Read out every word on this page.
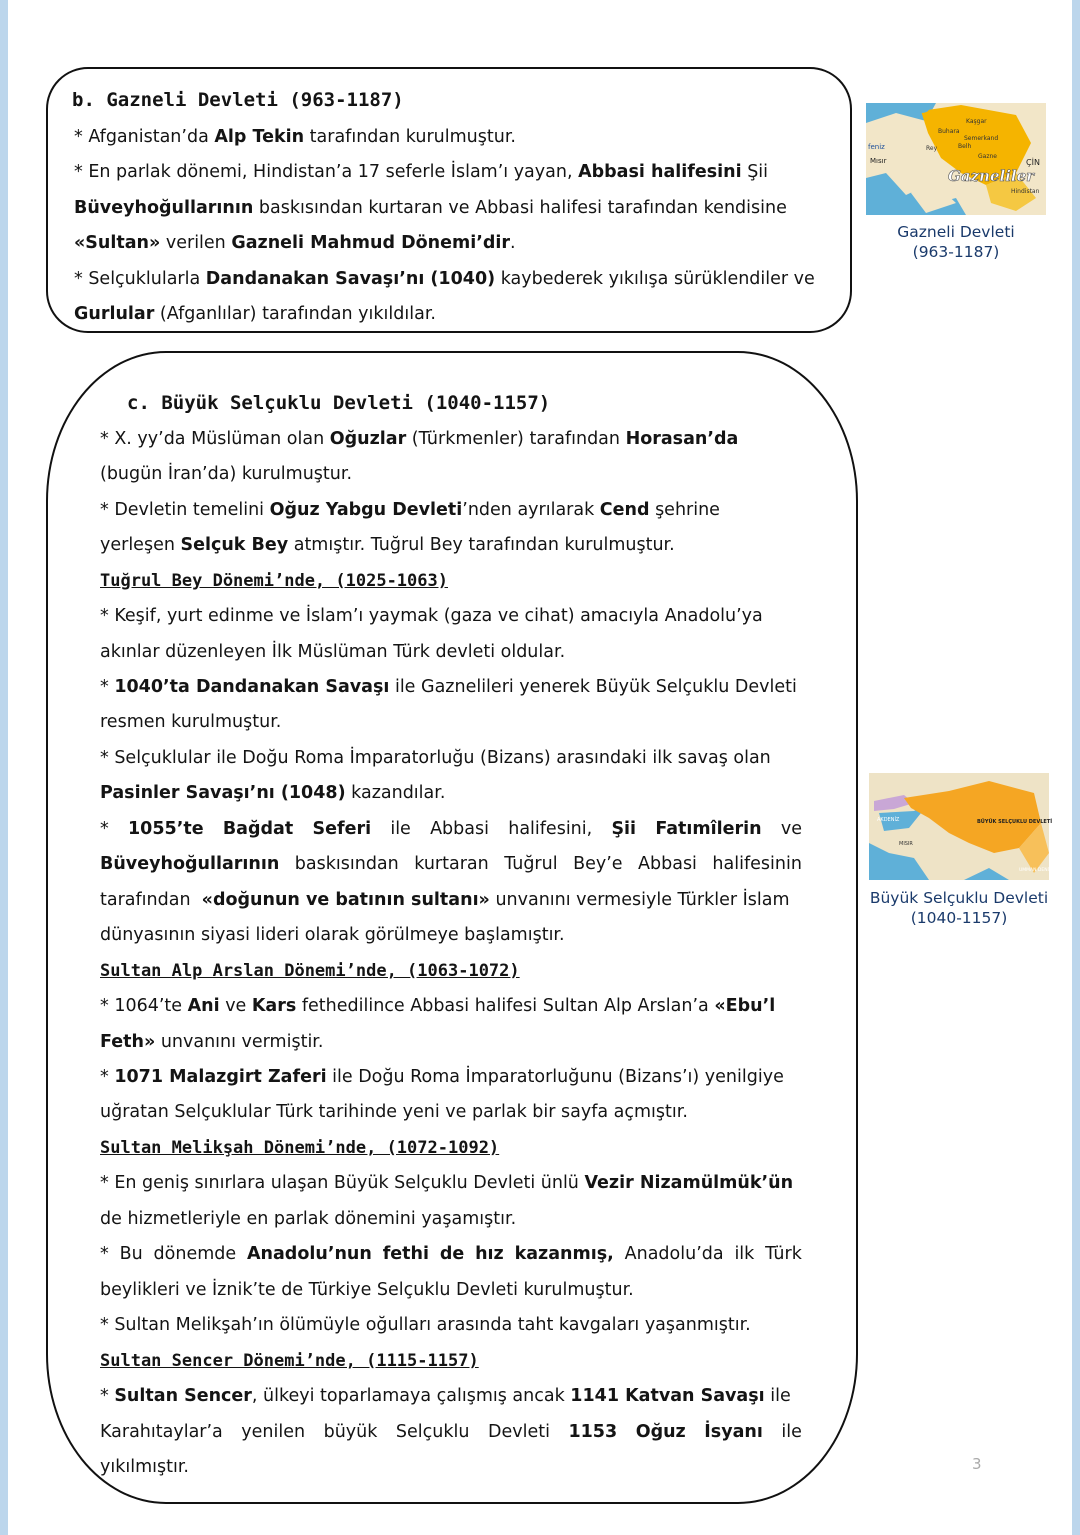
b. Gazneli Devleti (963-1187)
* Afganistan’da Alp Tekin tarafından kurulmuştur.
* En parlak dönemi, Hindistan’a 17 seferle İslam’ı yayan, Abbasi halifesini Şii
Büveyhoğullarının baskısından kurtaran ve Abbasi halifesi tarafından kendisine
«Sultan» verilen Gazneli Mahmud Dönemi’dir.
* Selçuklularla Dandanakan Savaşı’nı (1040) kaybederek yıkılışa sürüklendiler ve
Gurlular (Afganlılar) tarafından yıkıldılar.
Kaşgar
Buhara
Semerkand
Belh
Rey
Gazne
Mısır
Hindistan
ÇİN
feniz
Gazneliler
Gazneli Devleti
(963-1187)
c. Büyük Selçuklu Devleti (1040-1157)
* X. yy’da Müslüman olan Oğuzlar (Türkmenler) tarafından Horasan’da
(bugün İran’da) kurulmuştur.
* Devletin temelini Oğuz Yabgu Devleti’nden ayrılarak Cend şehrine
yerleşen Selçuk Bey atmıştır. Tuğrul Bey tarafından kurulmuştur.
Tuğrul Bey Dönemi’nde, (1025-1063)
* Keşif, yurt edinme ve İslam’ı yaymak (gaza ve cihat) amacıyla Anadolu’ya
akınlar düzenleyen İlk Müslüman Türk devleti oldular.
* 1040’ta Dandanakan Savaşı ile Gaznelileri yenerek Büyük Selçuklu Devleti
resmen kurulmuştur.
* Selçuklular ile Doğu Roma İmparatorluğu (Bizans) arasındaki ilk savaş olan
Pasinler Savaşı’nı (1048) kazandılar.
* 1055’te Bağdat Seferi ile Abbasi halifesini, Şii Fatımîlerin ve
Büveyhoğullarının baskısından kurtaran Tuğrul Bey’e Abbasi halifesinin
tarafından  «doğunun ve batının sultanı» unvanını vermesiyle Türkler İslam
dünyasının siyasi lideri olarak görülmeye başlamıştır.
Sultan Alp Arslan Dönemi’nde, (1063-1072)
* 1064’te Ani ve Kars fethedilince Abbasi halifesi Sultan Alp Arslan’a «Ebu’l
Feth» unvanını vermiştir.
* 1071 Malazgirt Zaferi ile Doğu Roma İmparatorluğunu (Bizans’ı) yenilgiye
uğratan Selçuklular Türk tarihinde yeni ve parlak bir sayfa açmıştır.
Sultan Melikşah Dönemi’nde, (1072-1092)
* En geniş sınırlara ulaşan Büyük Selçuklu Devleti ünlü Vezir Nizamülmük’ün
de hizmetleriyle en parlak dönemini yaşamıştır.
* Bu dönemde Anadolu’nun fethi de hız kazanmış, Anadolu’da ilk Türk
beylikleri ve İznik’te de Türkiye Selçuklu Devleti kurulmuştur.
* Sultan Melikşah’ın ölümüyle oğulları arasında taht kavgaları yaşanmıştır.
Sultan Sencer Dönemi’nde, (1115-1157)
* Sultan Sencer, ülkeyi toparlamaya çalışmış ancak 1141 Katvan Savaşı ile
Karahıtaylar’a yenilen büyük Selçuklu Devleti 1153 Oğuz İsyanı ile
yıkılmıştır.
BÜYÜK SELÇUKLU DEVLETİ
AKDENİZ
MISIR
UMMAN DENİZİ
Büyük Selçuklu Devleti
(1040-1157)
3
